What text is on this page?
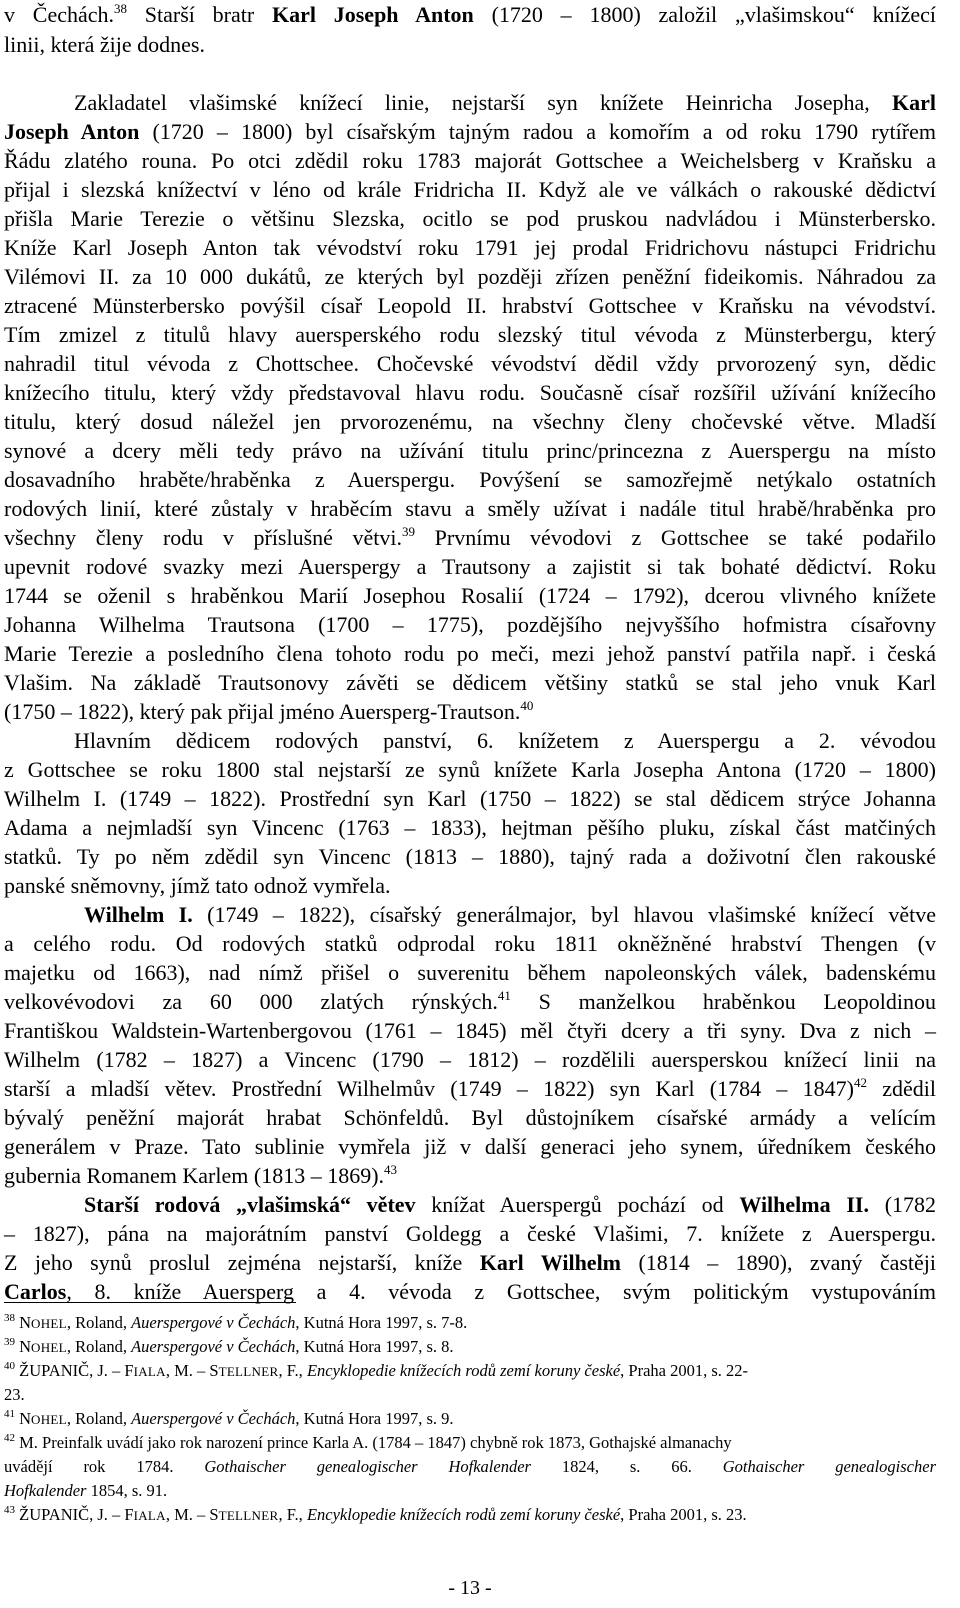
v Čechách.$^{38}$ Starší bratr Karl Joseph Anton (1720 – 1800) založil „vlašimskou“ knížecí
linii, která žije dodnes.
Zakladatel vlašimské knížecí linie, nejstarší syn knížete Heinricha Josepha, Karl
Joseph Anton (1720 – 1800) byl císařským tajným radou a komořím a od roku 1790 rytířem
Řádu zlatého rouna. Po otci zdědil roku 1783 majorát Gottschee a Weichelsberg v Kraňsku a
přijal i slezská knížectví v léno od krále Fridricha II. Když ale ve válkách o rakouské dědictví
přišla Marie Terezie o většinu Slezska, ocitlo se pod pruskou nadvládou i Münsterbersko.
Kníže Karl Joseph Anton tak vévodství roku 1791 jej prodal Fridrichovu nástupci Fridrichu
Vilémovi II. za 10 000 dukátů, ze kterých byl později zřízen peněžní fideikomis. Náhradou za
ztracené Münsterbersko povýšil císař Leopold II. hrabství Gottschee v Kraňsku na vévodství.
Tím zmizel z titulů hlavy auersperského rodu slezský titul vévoda z Münsterbergu, který
nahradil titul vévoda z Chottschee. Chočevské vévodství dědil vždy prvorozený syn, dědic
knížecího titulu, který vždy představoval hlavu rodu. Současně císař rozšířil užívání knížecího
titulu, který dosud náležel jen prvorozenému, na všechny členy chočevské větve. Mladší
synové a dcery měli tedy právo na užívání titulu princ/princezna z Auerspergu na místo
dosavadního hraběte/hraběnka z Auerspergu. Povýšení se samozřejmě netýkalo ostatních
rodových linií, které zůstaly v hraběcím stavu a směly užívat i nadále titul hrabě/hraběnka pro
všechny členy rodu v příslušné větvi.$^{39}$ Prvnímu vévodovi z Gottschee se také podařilo
upevnit rodové svazky mezi Auerspergy a Trautsony a zajistit si tak bohaté dědictví. Roku
1744 se oženil s hraběnkou Marií Josephou Rosalií (1724 – 1792), dcerou vlivného knížete
Johanna Wilhelma Trautsona (1700 – 1775), pozdějšího nejvyššího hofmistra císařovny
Marie Terezie a posledního člena tohoto rodu po meči, mezi jehož panství patřila např. i česká
Vlašim. Na základě Trautsonovy závěti se dědicem většiny statků se stal jeho vnuk Karl
(1750 – 1822), který pak přijal jméno Auersperg-Trautson.$^{40}$
Hlavním dědicem rodových panství, 6. knížetem z Auerspergu a 2. vévodou
z Gottschee se roku 1800 stal nejstarší ze synů knížete Karla Josepha Antona (1720 – 1800)
Wilhelm I. (1749 – 1822). Prostřední syn Karl (1750 – 1822) se stal dědicem strýce Johanna
Adama a nejmladší syn Vincenc (1763 – 1833), hejtman pěšího pluku, získal část matčiných
statků. Ty po něm zdědil syn Vincenc (1813 – 1880), tajný rada a doživotní člen rakouské
panské sněmovny, jímž tato odnož vymřela.
Wilhelm I. (1749 – 1822), císařský generálmajor, byl hlavou vlašimské knížecí větve
a celého rodu. Od rodových statků odprodal roku 1811 okněžněné hrabství Thengen (v
majetku od 1663), nad nímž přišel o suverenitu během napoleonských válek, badenskému
velkovévodovi za 60 000 zlatých rýnských.$^{41}$ S manželkou hraběnkou Leopoldinou
Františkou Waldstein-Wartenbergovou (1761 – 1845) měl čtyři dcery a tři syny. Dva z nich –
Wilhelm (1782 – 1827) a Vincenc (1790 – 1812) – rozdělili auersperskou knížecí linii na
starší a mladší větev. Prostřední Wilhelmův (1749 – 1822) syn Karl (1784 – 1847)$^{42}$ zdědil
bývalý peněžní majorát hrabat Schönfeldů. Byl důstojníkem císařské armády a velícím
generálem v Praze. Tato sublinie vymřela již v další generaci jeho synem, úředníkem českého
gubernia Romanem Karlem (1813 – 1869).$^{43}$
Starší rodová „vlašimská“ větev knížat Auerspergů pochází od Wilhelma II. (1782
– 1827), pána na majorátním panství Goldegg a české Vlašimi, 7. knížete z Auerspergu.
Z jeho synů proslul zejména nejstarší, kníže Karl Wilhelm (1814 – 1890), zvaný častěji
Carlos, 8. kníže Auersperg a 4. vévoda z Gottschee, svým politickým vystupováním
$^{38}$ NOHEL, Roland, Auerspergové v Čechách, Kutná Hora 1997, s. 7-8.
$^{39}$ NOHEL, Roland, Auerspergové v Čechách, Kutná Hora 1997, s. 8.
$^{40}$ ŽUPANIČ, J. – FIALA, M. – STELLNER, F., Encyklopedie knížecích rodů zemí koruny české, Praha 2001, s. 22-
23.
$^{41}$ NOHEL, Roland, Auerspergové v Čechách, Kutná Hora 1997, s. 9.
$^{42}$ M. Preinfalk uvádí jako rok narození prince Karla A. (1784 – 1847) chybně rok 1873, Gothajské almanachy
uvádějí rok 1784. Gothaischer genealogischer Hofkalender 1824, s. 66. Gothaischer genealogischer
Hofkalender 1854, s. 91.
$^{43}$ ŽUPANIČ, J. – FIALA, M. – STELLNER, F., Encyklopedie knížecích rodů zemí koruny české, Praha 2001, s. 23.
- 13 -
